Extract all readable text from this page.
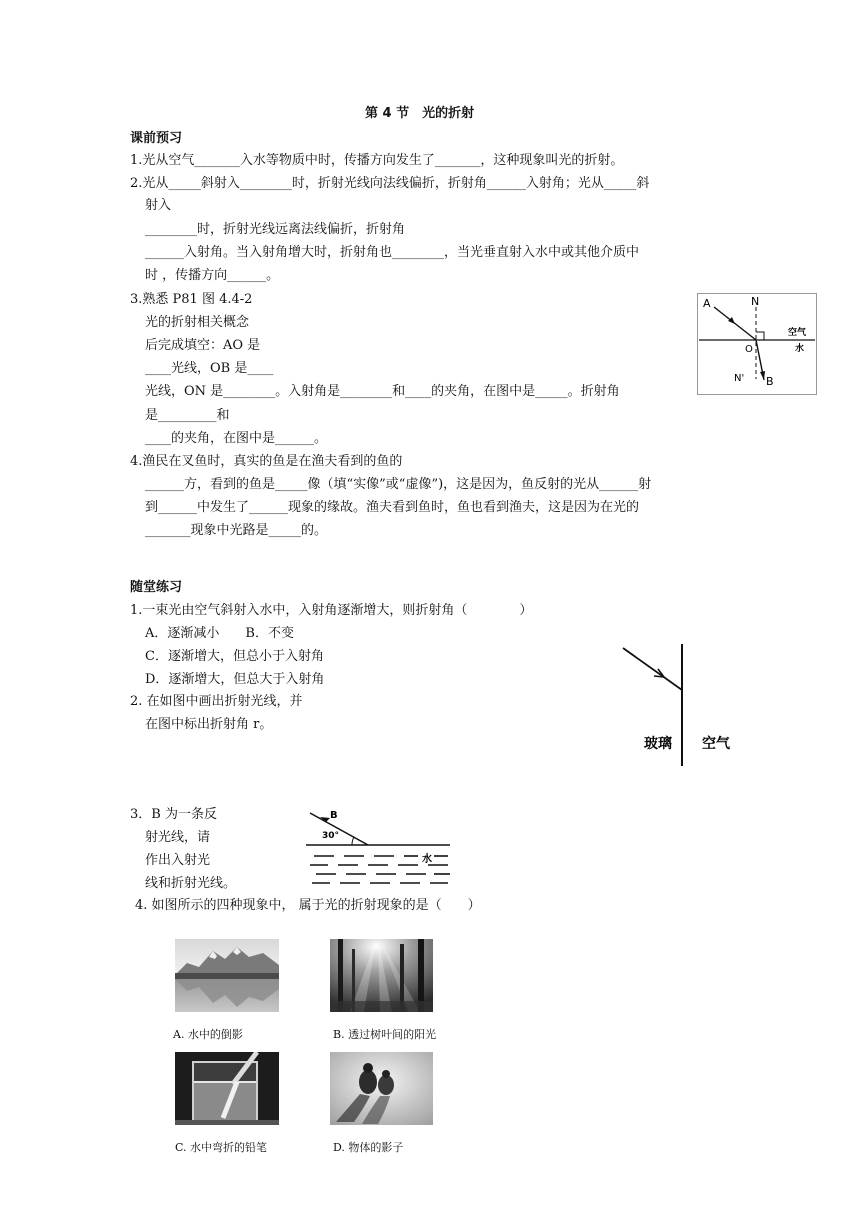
第 4 节　光的折射
课前预习
1.光从空气_______入水等物质中时，传播方向发生了_______，这种现象叫光的折射。
2.光从_____斜射入________时，折射光线向法线偏折，折射角______入射角；光从_____斜
射入
________时，折射光线远离法线偏折，折射角
______入射角。当入射角增大时，折射角也________，当光垂直射入水中或其他介质中
时 ，传播方向______。
3.熟悉 P81 图 4.4-2
光的折射相关概念
后完成填空：AO 是
____光线，OB 是____
光线，ON 是________。入射角是________和____的夹角，在图中是_____。折射角
是_________和
____的夹角，在图中是______。
4.渔民在叉鱼时，真实的鱼是在渔夫看到的鱼的
______方，看到的鱼是_____像（填“实像”或“虚像”)，这是因为，鱼反射的光从______射
到______中发生了______现象的缘故。渔夫看到鱼时，鱼也看到渔夫，这是因为在光的
_______现象中光路是_____的。
A	N
O
N' B
空气
水
随堂练习
1.一束光由空气斜射入水中，入射角逐渐增大，则折射角（　　　　）
A．逐渐减小　　B．不变
C．逐渐增大，但总小于入射角
D．逐渐增大，但总大于入射角
2. 在如图中画出折射光线，并
在图中标出折射角 r。
玻璃 空气
3．B 为一条反
射光线，请
作出入射光
线和折射光线。
B
30°
水
4. 如图所示的四种现象中， 属于光的折射现象的是（　　）
A. 水中的倒影	B. 透过树叶间的阳光
C. 水中弯折的铅笔	D. 物体的影子
